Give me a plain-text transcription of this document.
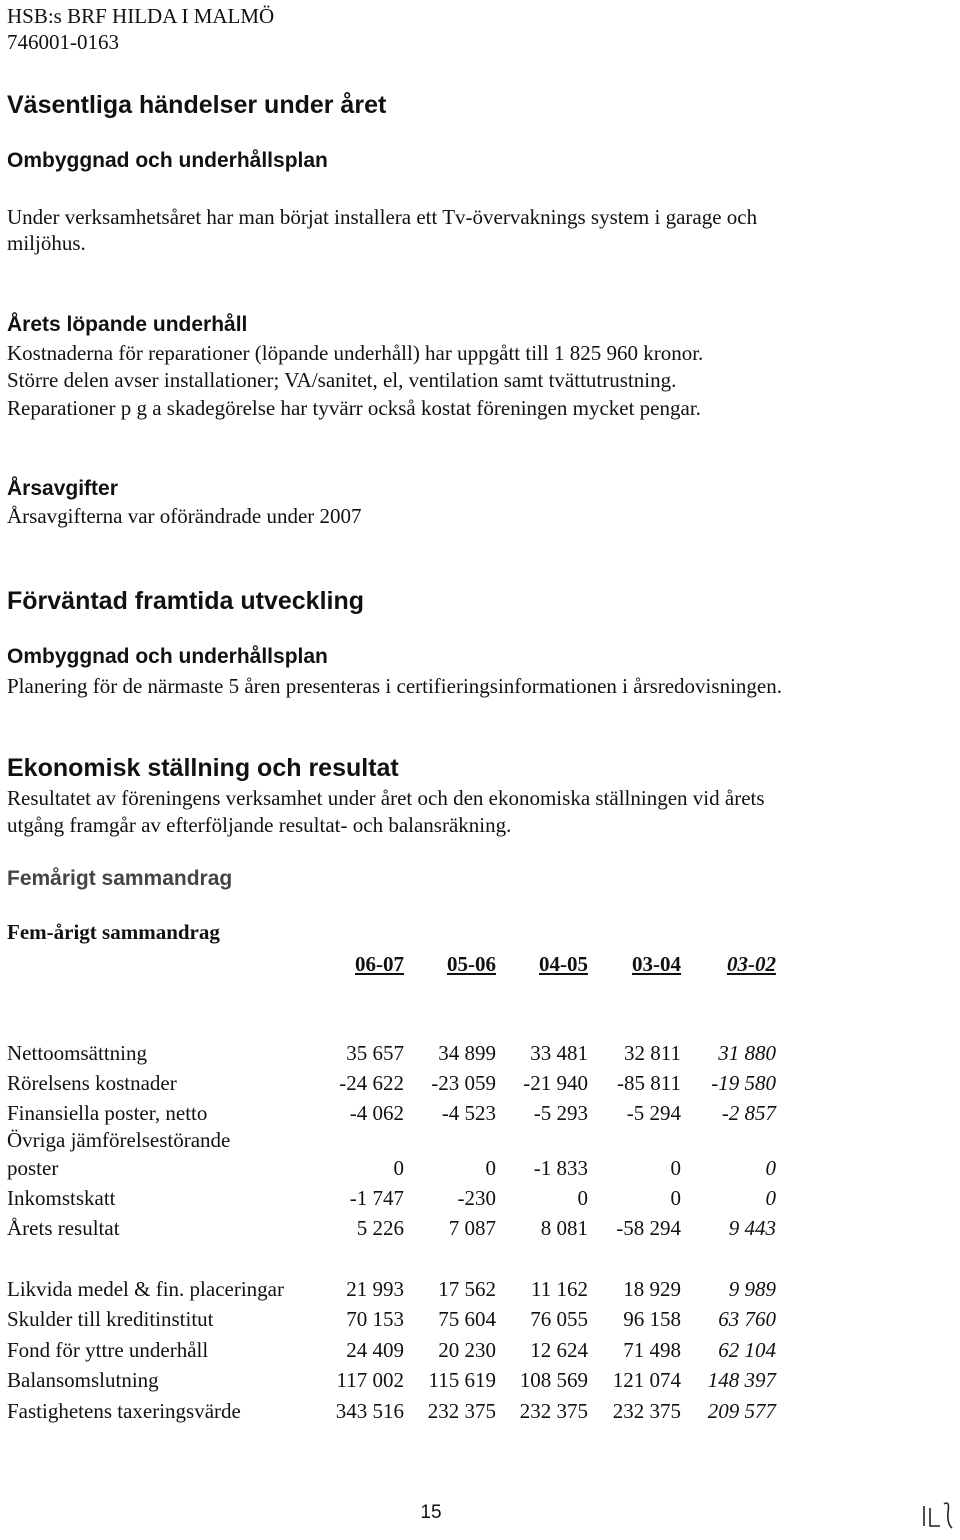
HSB:s BRF HILDA I MALMÖ
746001-0163
Väsentliga händelser under året
Ombyggnad och underhållsplan
Under verksamhetsåret har man börjat installera ett Tv-övervaknings system i garage och
miljöhus.
Årets löpande underhåll
Kostnaderna för reparationer (löpande underhåll) har uppgått till 1 825 960 kronor.
Större delen avser installationer; VA/sanitet, el, ventilation samt tvättutrustning.
Reparationer p g a skadegörelse har tyvärr också kostat föreningen mycket pengar.
Årsavgifter
Årsavgifterna var oförändrade under 2007
Förväntad framtida utveckling
Ombyggnad och underhållsplan
Planering för de närmaste 5 åren presenteras i certifieringsinformationen i årsredovisningen.
Ekonomisk ställning och resultat
Resultatet av föreningens verksamhet under året och den ekonomiska ställningen vid årets
utgång framgår av efterföljande resultat- och balansräkning.
Femårigt sammandrag
Fem-årigt sammandrag
06-07	05-06	04-05	03-04	03-02
Nettoomsättning	35 657	34 899	33 481	32 811	31 880
Rörelsens kostnader	-24 622	-23 059	-21 940	-85 811	-19 580
Finansiella poster, netto	-4 062	-4 523	-5 293	-5 294	-2 857
Övriga jämförelsestörande
poster	0	0	-1 833	0	0
Inkomstskatt	-1 747	-230	0	0	0
Årets resultat	5 226	7 087	8 081	-58 294	9 443
Likvida medel & fin. placeringar	21 993	17 562	11 162	18 929	9 989
Skulder till kreditinstitut	70 153	75 604	76 055	96 158	63 760
Fond för yttre underhåll	24 409	20 230	12 624	71 498	62 104
Balansomslutning	117 002	115 619	108 569	121 074	148 397
Fastighetens taxeringsvärde	343 516	232 375	232 375	232 375	209 577
15
